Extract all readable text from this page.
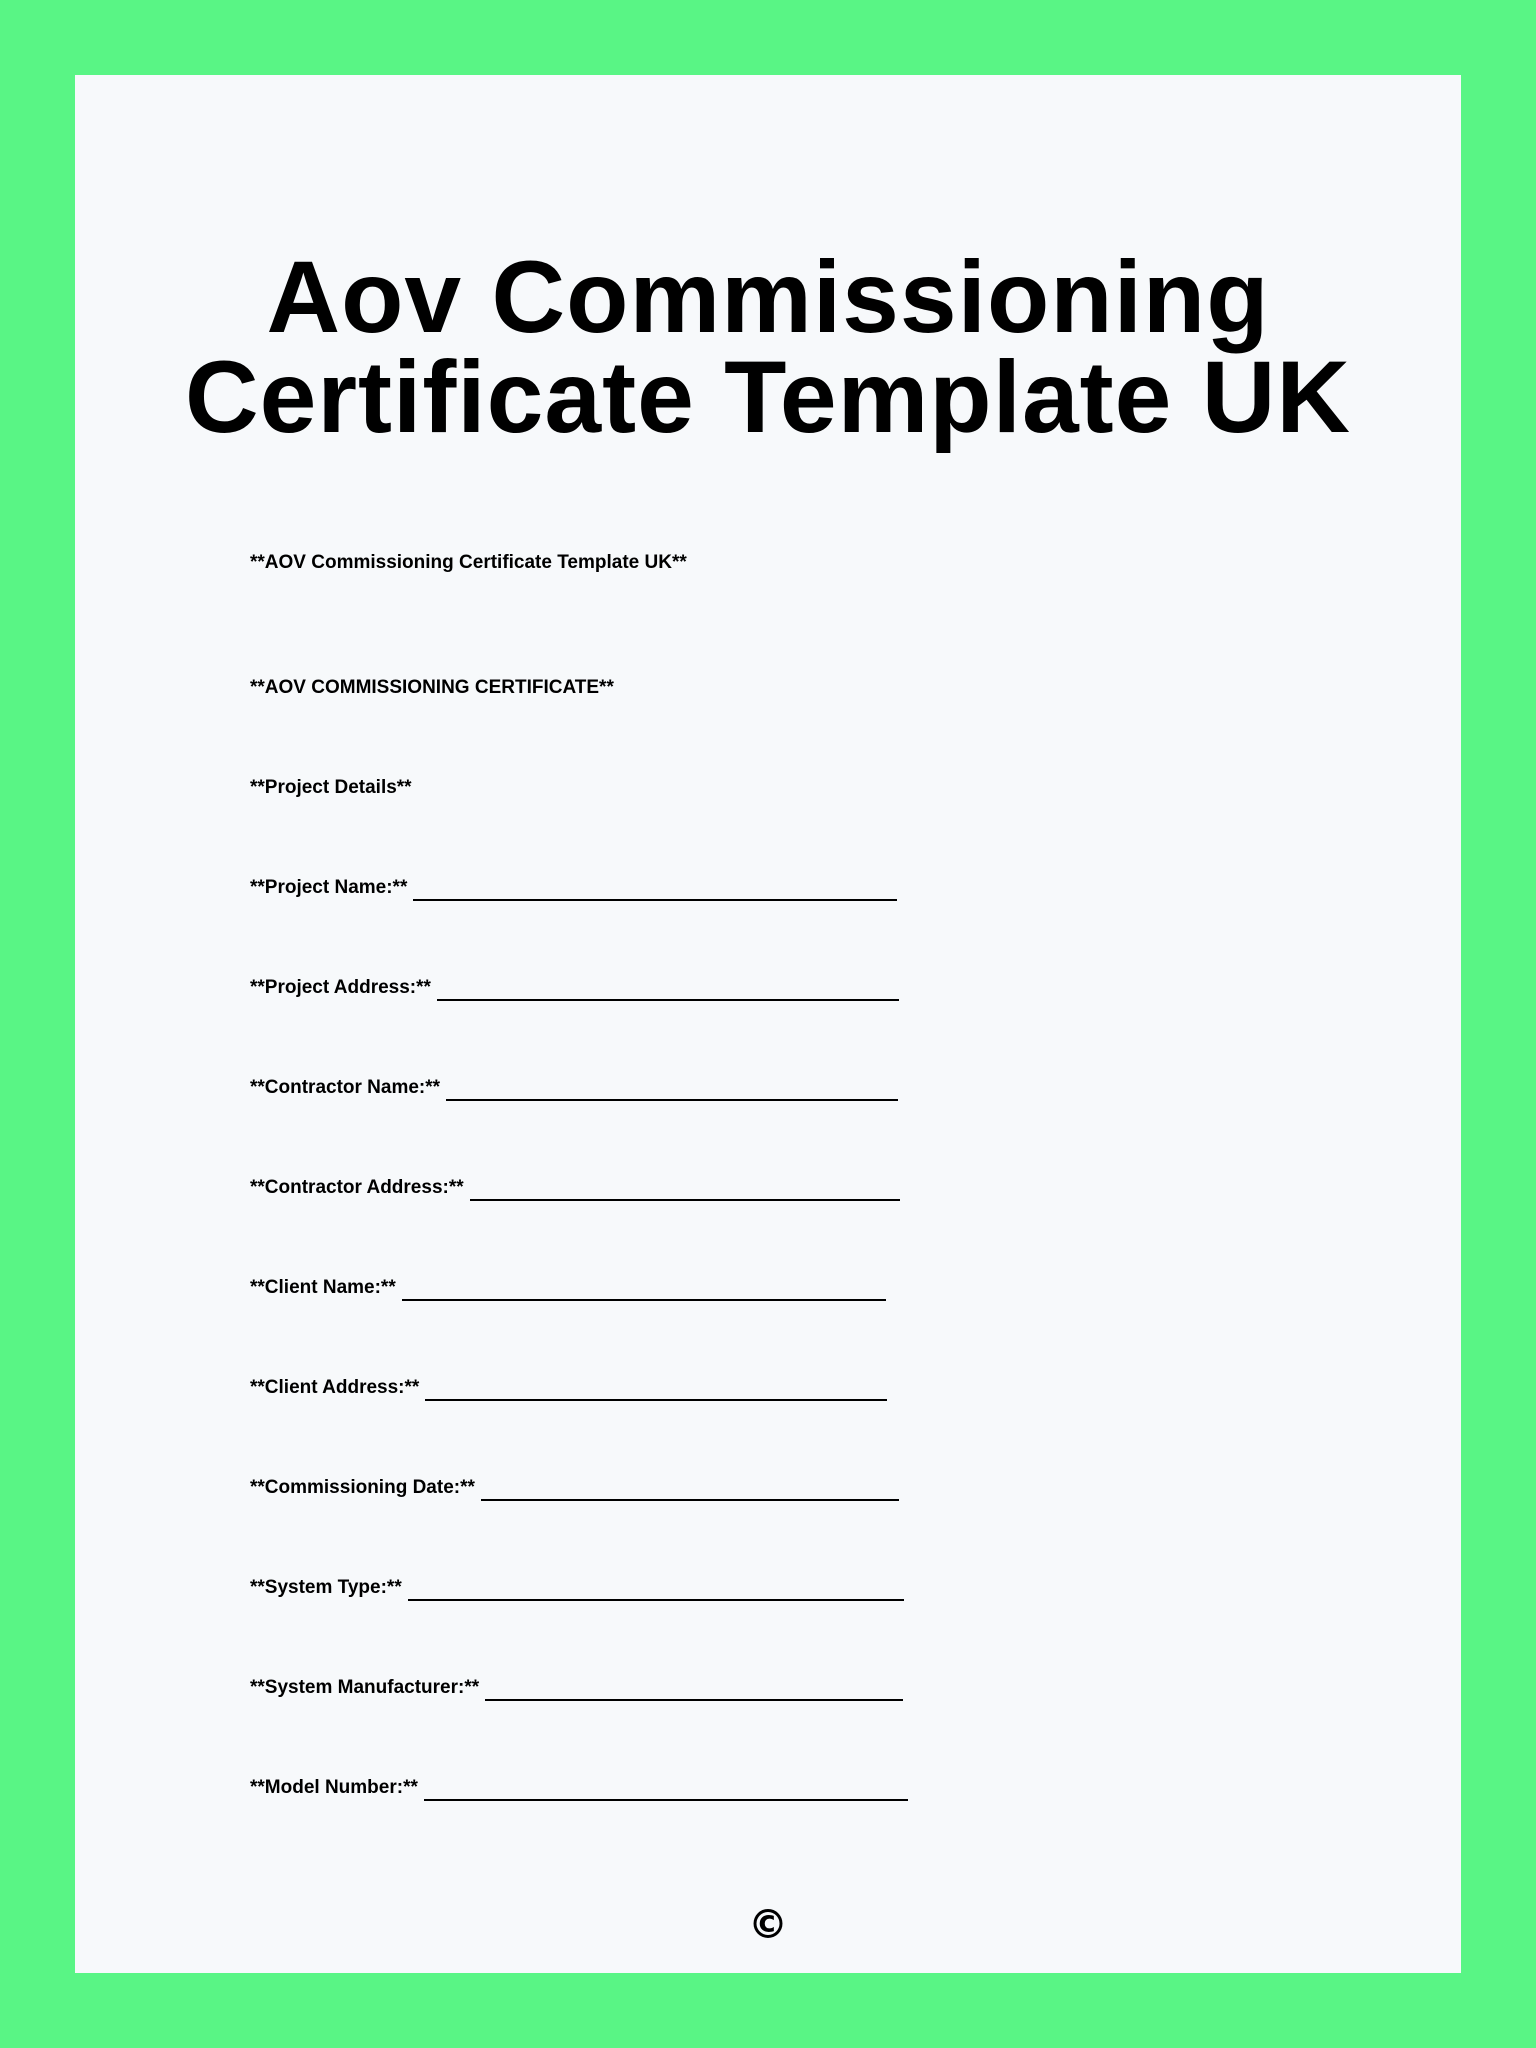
Aov Commissioning
Certificate Template UK
**AOV Commissioning Certificate Template UK**
**AOV COMMISSIONING CERTIFICATE**
**Project Details**
**Project Name:**
**Project Address:**
**Contractor Name:**
**Contractor Address:**
**Client Name:**
**Client Address:**
**Commissioning Date:**
**System Type:**
**System Manufacturer:**
**Model Number:**
©
